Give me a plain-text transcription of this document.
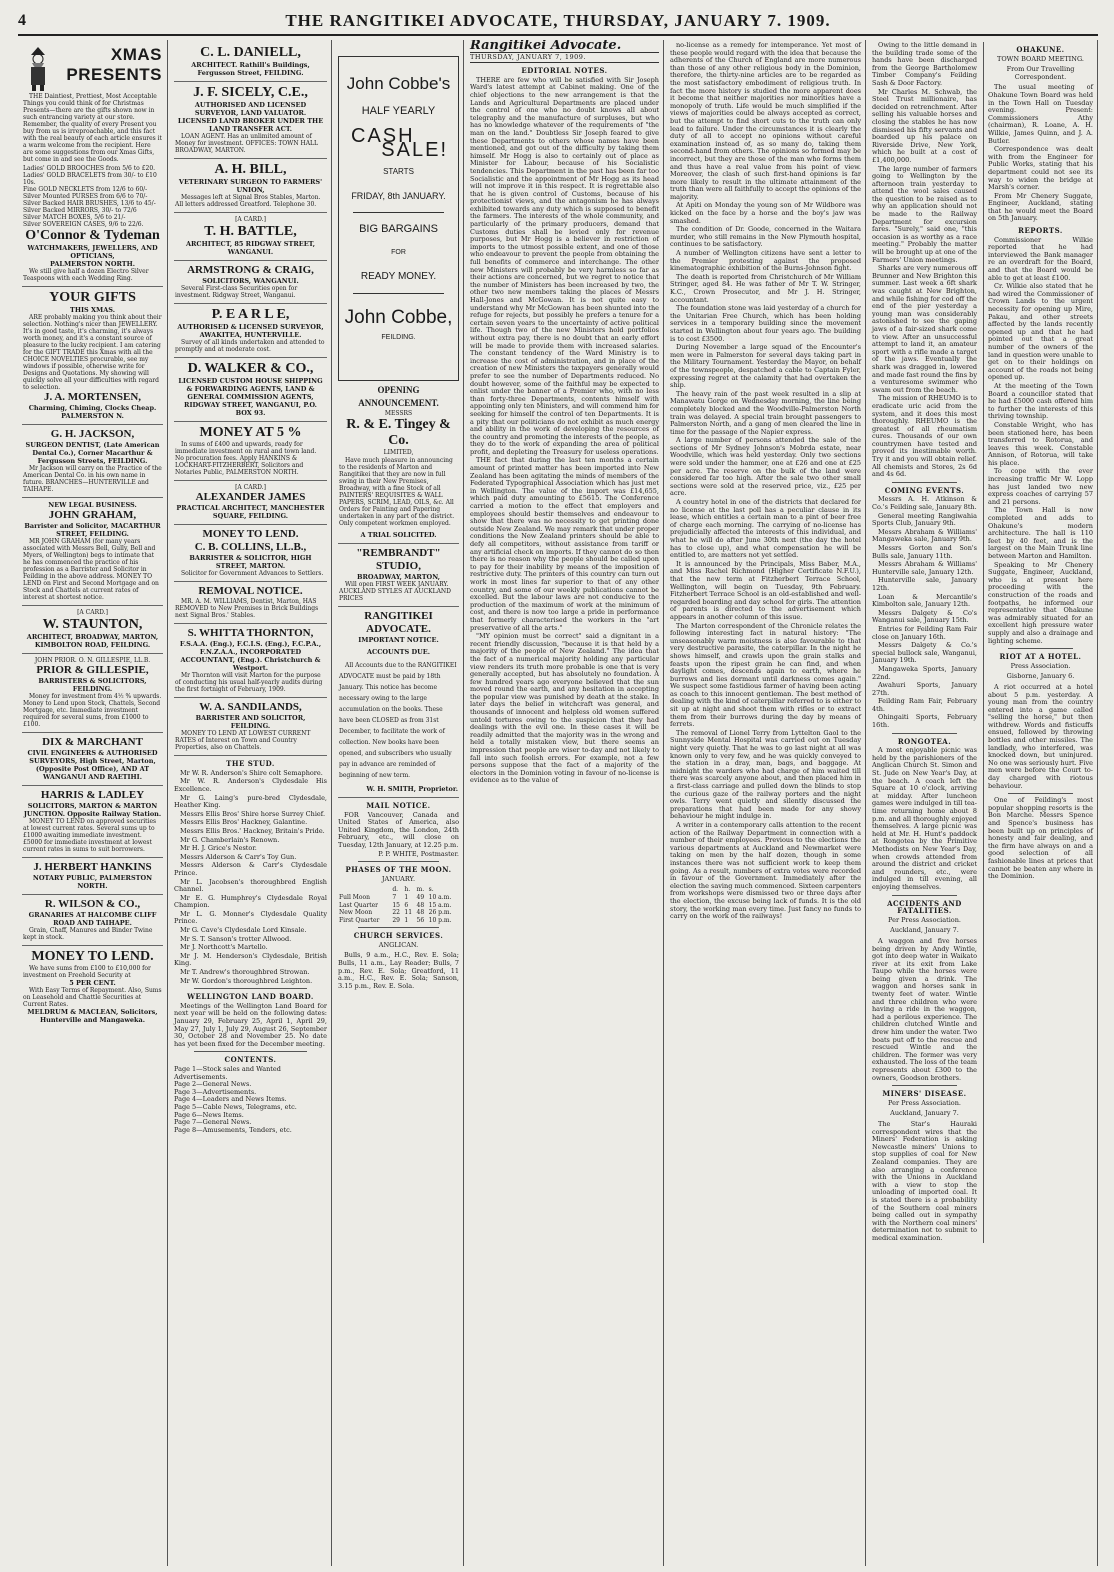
4	THE RANGITIKEI ADVOCATE, THURSDAY, JANUARY 7. 1909.
XMAS PRESENTS

THE Daintiest, Prettiest, Most Acceptable Things you could think of for Christmas Presents—there are the gifts shown now in such entrancing variety at our store. Remember, the quality of every Present you buy from us is irreproachable, and this fact with the real beauty of each article ensures it a warm welcome from the recipient. Here are some suggestions from our Xmas Gifts, but come in and see the Goods.

Ladies' GOLD BROOCHES from 5/6 to £20.
Ladies' GOLD BRACELETS from 30/- to £10 10s.
Fine GOLD NECKLETS from 12/6 to 60/-
Silver Mounted PURSES from 6/6 to 70/-
Silver Backed HAIR BRUSHES, 13/6 to 45/-
Silver Backed MIRRORS, 30/- to 72/6
Silver MATCH BOXES, 5/6 to 21/-
Silver SOVEREIGN CASES, 9/6 to 22/6.
O'Connor & Tydeman
WATCHMAKERS, JEWELLERS, AND OPTICIANS,
PALMERSTON NORTH.

We still give half a dozen Electro Silver Teaspoons with each Wedding Ring.

YOUR GIFTS
THIS XMAS.

ARE probably making you think about their selection. Nothing's nicer than JEWELLERY. It's in good taste, it's charming, it's always worth money, and it's a constant source of pleasure to the lucky recipient. I am catering for the GIFT TRADE this Xmas with all the CHOICE NOVELTIES procurable, see my windows if possible, otherwise write for Designs and Quotations. My showing will quickly solve all your difficulties with regard to selection.

J. A. MORTENSEN,
Charming, Chiming, Clocks Cheap.
PALMERSTON N.
G. H. JACKSON,
SURGEON DENTIST, (Late American Dental Co.), Corner Macarthur & Fergusson Streets, FEILDING.

Mr Jackson will carry on the Practice of the American Dental Co. in his own name in future. BRANCHES—HUNTERVILLE and TAIHAPE.

NEW LEGAL BUSINESS.
JOHN GRAHAM,
Barrister and Solicitor, MACARTHUR STREET, FEILDING.

MR JOHN GRAHAM (for many years associated with Messrs Bell, Gully, Bell and Myers, of Wellington) begs to intimate that he has commenced the practice of his profession as a Barrister and Solicitor in Feilding in the above address. MONEY TO LEND on First and Second Mortgage and on Stock and Chattels at current rates of interest at shortest notice.

[A CARD.]
W. STAUNTON,
ARCHITECT, BROADWAY, MARTON, KIMBOLTON ROAD, FEILDING.
JOHN PRIOR. O. N. GILLESPIE, LL.B.
PRIOR & GILLESPIE,
BARRISTERS & SOLICITORS, FEILDING.

Money for investment from 4½ % upwards. Money to Lend upon Stock, Chattels, Second Mortgage, etc. Immediate investment required for several sums, from £1000 to £100.

DIX & MARCHANT
CIVIL ENGINEERS & AUTHORISED SURVEYORS, High Street, Marton, (Opposite Post Office), AND AT WANGANUI AND RAETIHI.
HARRIS & LADLEY
SOLICITORS, MARTON & MARTON JUNCTION. Opposite Railway Station.

MONEY TO LEND on approved securities at lowest current rates. Several sums up to £1000 awaiting immediate investment. £5000 for immediate investment at lowest current rates in sums to suit borrowers.

J. HERBERT HANKINS
NOTARY PUBLIC, PALMERSTON NORTH.
R. WILSON & CO.,
GRANARIES AT HALCOMBE CLIFF ROAD AND TAIHAPE.

Grain, Chaff, Manures and Binder Twine kept in stock.

MONEY TO LEND.

We have sums from £100 to £10,000 for investment on Freehold Security at

5 PER CENT.

With Easy Terms of Repayment. Also, Sums on Leasehold and Chattle Securities at Current Rates.

MELDRUM & MACLEAN, Solicitors, Hunterville and Mangaweka.
C. L. DANIELL,
ARCHITECT. Rathill's Buildings, Fergusson Street, FEILDING.
J. F. SICELY, C.E.,
AUTHORISED AND LICENSED SURVEYOR, LAND VALUATOR. LICENSED LAND BROKER UNDER THE LAND TRANSFER ACT.

LOAN AGENT. Has an unlimited amount of Money for investment. OFFICES: TOWN HALL BROADWAY, MARTON.

A. H. BILL,
VETERINARY SURGEON TO FARMERS' UNION,

Messages left at Signal Bros Stables, Marton. All letters addressed Greatford. Telephone 30.

[A CARD.]
T. H. BATTLE,
ARCHITECT, 85 RIDGWAY STREET, WANGANUI.
ARMSTRONG & CRAIG,
SOLICITORS, WANGANUI.

Several First-class Securities open for investment. Ridgway Street, Wanganui.

P. E A R L E,
AUTHORISED & LICENSED SURVEYOR, AWAKITEA, HUNTERVILLE.

Survey of all kinds undertaken and attended to promptly and at moderate cost.

D. WALKER & CO.,
LICENSED CUSTOM HOUSE SHIPPING & FORWARDING AGENTS, LAND & GENERAL COMMISSION AGENTS, RIDGWAY STREET, WANGANUI, P.O. BOX 93.
MONEY AT 5 %

In sums of £400 and upwards, ready for immediate investment on rural and town land. No procuration fees. Apply HANKINS & LOCKHART-FITZHERBERT, Solicitors and Notaries Public, PALMERSTON NORTH.

[A CARD.]
ALEXANDER JAMES
PRACTICAL ARCHITECT, MANCHESTER SQUARE, FEILDING.
MONEY TO LEND.
C. B. COLLINS, LL.B.,
BARRISTER & SOLICITOR, HIGH STREET, MARTON.

Solicitor for Government Advances to Settlers.

REMOVAL NOTICE.

MR. A. M. WILLIAMS, Dentist, Marton, HAS REMOVED to New Premises in Brick Buildings next Signal Bros.' Stables.

S. WHITTA THORNTON,
F.S.A.A. (Eng.), F.C.I.S. (Eng.), F.C.P.A., F.N.Z.A.A., INCORPORATED ACCOUNTANT, (Eng.). Christchurch & Westport.

Mr Thornton will visit Marton for the purpose of conducting his usual half-yearly audits during the first fortnight of February, 1909.

W. A. SANDILANDS,
BARRISTER AND SOLICITOR, FEILDING.

MONEY TO LEND AT LOWEST CURRENT RATES of Interest on Town and Country Properties, also on Chattels.

THE STUD.

Mr W. R. Anderson's Shire colt Semaphore.

Mr W. R. Anderson's Clydesdale His Excellence.

Mr G. Laing's pure-bred Clydesdale, Heather King.

Messrs Ellis Bros' Shire horse Surrey Chief.

Messrs Ellis Bros' Hackney, Galantine.

Messrs Ellis Bros.' Hackney, Britain's Pride.

Mr G. Chamberlain's Renown.

Mr H. J. Grice's Nestor.

Messrs Alderson & Carr's Toy Gun.

Messrs Alderson & Carr's Clydesdale Prince.

Mr L. Jacobsen's thoroughbred English Channel.

Mr E. G. Humphrey's Clydesdale Royal Champion.

Mr L. G. Monner's Clydesdale Quality Prince.

Mr G. Cave's Clydesdale Lord Kinsale.

Mr S. T. Sanson's trotter Allwood.

Mr J. Northcott's Martello.

Mr J. M. Henderson's Clydesdale, British King.

Mr T. Andrew's thoroughbred Strowan.

Mr W. Gordon's thoroughbred Leighton.

WELLINGTON LAND BOARD.

Meetings of the Wellington Land Board for next year will be held on the following dates: January 29, February 25, April 1, April 29, May 27, July 1, July 29, August 26, September 30, October 28 and November 25. No date has yet been fixed for the December meeting.

CONTENTS.
Page 1—Stock sales and Wanted Advertisements.
Page 2—General News.
Page 3—Advertisements.
Page 4—Leaders and News Items.
Page 5—Cable News, Telegrams, etc.
Page 6—News Items.
Page 7—General News.
Page 8—Amusements, Tenders, etc.
John Cobbe's
HALF YEARLY
CASH
SALE!
STARTS
FRIDAY, 8th JANUARY.
BIG BARGAINS
FOR
READY MONEY.
John Cobbe,
FEILDING.
OPENING ANNOUNCEMENT.
MESSRS
R. & E. Tingey & Co.
LIMITED,

Have much pleasure in announcing to the residents of Marton and Rangitikei that they are now in full swing in their New Premises, Broadway, with a fine Stock of all PAINTERS' REQUISITES & WALL PAPERS, SCRIM, LEAD, OILS, &c. All Orders for Painting and Papering undertaken in any part of the district. Only competent workmen employed.

A TRIAL SOLICITED.
"REMBRANDT" STUDIO,
BROADWAY, MARTON,

Will open FIRST WEEK JANUARY. AUCKLAND STYLES AT AUCKLAND PRICES

RANGITIKEI ADVOCATE.
IMPORTANT NOTICE.
ACCOUNTS DUE.

All Accounts due to the RANGITIKEI ADVOCATE must be paid by 18th January. This notice has become necessary owing to the large accumulation on the books. These have been CLOSED as from 31st December, to facilitate the work of collection. New books have been opened, and subscribers who usually pay in advance are reminded of beginning of new term.

W. H. SMITH, Proprietor.
MAIL NOTICE.

FOR Vancouver, Canada and United States of America, also United Kingdom, the London, 24th February, etc., will close on Tuesday, 12th January, at 12.25 p.m.

P. P. WHITE, Postmaster.
PHASES OF THE MOON.
JANUARY.
	d.	h.	m.	s.
Full Moon	7	1	49	10 a.m.
Last Quarter	15	6	48	15 a.m.
New Moon	22	11	48	26 p.m.
First Quarter	29	1	56	10 p.m.
CHURCH SERVICES.
ANGLICAN.

Bulls, 9 a.m., H.C., Rev. E. Sola; Bulls, 11 a.m., Lay Reader; Bulls, 7 p.m., Rev. E. Sola; Greatford, 11 a.m., H.C., Rev. E. Sola; Sanson, 3.15 p.m., Rev. E. Sola.

Rangitikei Advocate.
THURSDAY, JANUARY 7, 1909.
EDITORIAL NOTES.

THERE are few who will be satisfied with Sir Joseph Ward's latest attempt at Cabinet making. One of the chief objections to the new arrangement is that the Lands and Agricultural Departments are placed under the control of one who no doubt knows all about telegraphy and the manufacture of surpluses, but who has no knowledge whatever of the requirements of "the man on the land." Doubtless Sir Joseph feared to give these Departments to others whose names have been mentioned, and got out of the difficulty by taking them himself. Mr Hogg is also to certainly out of place as Minister for Labour, because of his Socialistic tendencies. This Department in the past has been far too Socialistic and the appointment of Mr Hogg as its head will not improve it in this respect. It is regrettable also that he is given control of Customs, because of his protectionist views, and the antagonism he has always exhibited towards any duty which is supposed to benefit the farmers. The interests of the whole community, and particularly of the primary producers, demand that Customs duties shall be levied only for revenue purposes, but Mr Hogg is a believer in restriction of imports to the utmost possible extent, and one of those who endeavour to prevent the people from obtaining the full benefits of commerce and interchange. The other new Ministers will probably be very harmless so far as their actions are concerned, but we regret to notice that the number of Ministers has been increased by two, the other two new members taking the places of Messrs Hall-Jones and McGowan. It is not quite easy to understand why Mr McGowan has been shunted into the refuge for rejects, but possibly he prefers a tenure for a certain seven years to the uncertainty of active political life. Though two of the new Ministers hold portfolios without extra pay, there is no doubt that an early effort will be made to provide them with increased salaries. The constant tendency of the Ward Ministry is to increase the cost of administration, and in place of the creation of new Ministers the taxpayers generally would prefer to see the number of Departments reduced. No doubt however, some of the faithful may be expected to enlist under the banner of a Premier who, with no less than forty-three Departments, contents himself with appointing only ten Ministers, and will commend him for seeking for himself the control of ten Departments. It is a pity that our politicians do not exhibit as much energy and ability in the work of developing the resources of the country and promoting the interests of the people, as they do to the work of expanding the area of political profit, and depleting the Treasury for useless operations.

THE fact that during the last ten months a certain amount of printed matter has been imported into New Zealand has been agitating the minds of members of the Federated Typographical Association which has just met in Wellington. The value of the import was £14,655, which paid duty amounting to £5615. The Conference carried a motion to the effect that employers and employees should bestir themselves and endeavour to show that there was no necessity to get printing done outside New Zealand. We may remark that under proper conditions the New Zealand printers should be able to defy all competitors, without assistance from tariff or any artificial check on imports. If they cannot do so then there is no reason why the people should be called upon to pay for their inability by means of the imposition of restrictive duty. The printers of this country can turn out work in most lines far superior to that of any other country, and some of our weekly publications cannot be excelled. But the labour laws are not conducive to the production of the maximum of work at the minimum of cost, and there is now too large a pride in performance that formerly characterised the workers in the "art preservative of all the arts."

"MY opinion must be correct" said a dignitant in a recent friendly discussion, "because it is that held by a majority of the people of New Zealand." The idea that the fact of a numerical majority holding any particular view renders its truth more probable is one that is very generally accepted, but has absolutely no foundation. A few hundred years ago everyone believed that the sun moved round the earth, and any hesitation in accepting the popular view was punished by death at the stake. In later days the belief in witchcraft was general, and thousands of innocent and helpless old women suffered untold tortures owing to the suspicion that they had dealings with the evil one. In these cases it will be readily admitted that the majority was in the wrong and held a totally mistaken view, but there seems an impression that people are wiser to-day and not likely to fall into such foolish errors. For example, not a few persons suppose that the fact of a majority of the electors in the Dominion voting in favour of no-license is evidence as to the value of

no-license as a remedy for intemperance. Yet most of these people would regard with the idea that because the adherents of the Church of England are more numerous than those of any other religious body in the Dominion, therefore, the thirty-nine articles are to be regarded as the most satisfactory embodiment of religious truth. In fact the more history is studied the more apparent does it become that neither majorities nor minorities have a monopoly of truth. Life would be much simplified if the views of majorities could be always accepted as correct, but the attempt to find short cuts to the truth can only lead to failure. Under the circumstances it is clearly the duty of all to accept no opinions without careful examination instead of, as so many do, taking them second-hand from others. The opinions so formed may be incorrect, but they are those of the man who forms them and thus have a real value from his point of view. Moreover, the clash of such first-hand opinions is far more likely to result in the ultimate attainment of the truth than were all faithfully to accept the opinions of the majority.

At Apiti on Monday the young son of Mr Wildbore was kicked on the face by a horse and the boy's jaw was smashed.

The condition of Dr. Goode, concerned in the Waitara murder, who still remains in the New Plymouth hospital, continues to be satisfactory.

A number of Wellington citizens have sent a letter to the Premier protesting against the proposed kinematographic exhibition of the Burns-Johnson fight.

The death is reported from Christchurch of Mr William Stringer, aged 84. He was father of Mr T. W. Stringer, K.C., Crown Prosecutor, and Mr J. H. Stringer, accountant.

The foundation stone was laid yesterday of a church for the Unitarian Free Church, which has been holding services in a temporary building since the movement started in Wellington about four years ago. The building is to cost £3500.

During November a large squad of the Encounter's men were in Palmerston for several days taking part in the Military Tournament. Yesterday the Mayor, on behalf of the townspeople, despatched a cable to Captain Fyler, expressing regret at the calamity that had overtaken the ship.

The heavy rain of the past week resulted in a slip at Manawatu Gorge on Wednesday morning, the line being completely blocked and the Woodville-Palmerston North train was delayed. A special train brought passengers to Palmerston North, and a gang of men cleared the line in time for the passage of the Napier express.

A large number of persons attended the sale of the sections of Mr Sydney Johnson's Mobrda estate, near Woodville, which was held yesterday. Only two sections were sold under the hammer, one at £26 and one at £25 per acre. The reserve on the bulk of the land were considered far too high. After the sale two other small sections were sold at the reserved price, viz., £25 per acre.

A country hotel in one of the districts that declared for no license at the last poll has a peculiar clause in its lease, which entitles a certain man to a pint of beer free of charge each morning. The carrying of no-license has prejudicially affected the interests of this individual, and what he will do after June 30th next (the day the hotel has to close up), and what compensation he will be entitled to, are matters not yet settled.

It is announced by the Principals, Miss Baber, M.A., and Miss Rachel Richmond (Higher Certificate N.F.U.), that the new term at Fitzherbert Terrace School, Wellington, will begin on Tuesday, 9th February. Fitzherbert Terrace School is an old-established and well-regarded boarding and day school for girls. The attention of parents is directed to the advertisement which appears in another column of this issue.

The Marton correspondent of the Chronicle relates the following interesting fact in natural history: "The unseasonably warm moistness is also favourable to that very destructive parasite, the caterpillar. In the night he shows himself, and crawls upon the grain stalks and feasts upon the ripest grain he can find, and when daylight comes, descends again to earth, where he burrows and lies dormant until darkness comes again." We suspect some fastidious farmer of having been acting as coach to this innocent gentleman. The best method of dealing with the kind of caterpillar referred to is either to sit up at night and shoot them with rifles or to extract them from their burrows during the day by means of ferrets.

The removal of Lionel Terry from Lyttelton Gaol to the Sunnyside Mental Hospital was carried out on Tuesday night very quietly. That he was to go last night at all was known only to very few, and he was quickly conveyed to the station in a dray, man, bags, and baggage. At midnight the warders who had charge of him waited till there was scarcely anyone about, and then placed him in a first-class carriage and pulled down the blinds to stop the curious gaze of the railway porters and the night owls. Terry went quietly and silently discussed the preparations that had been made for any showy behaviour he might indulge in.

A writer in a contemporary calls attention to the recent action of the Railway Department in connection with a number of their employees. Previous to the elections the various departments at Auckland and Newmarket were taking on men by the half dozen, though in some instances there was not sufficient work to keep them going. As a result, numbers of extra votes were recorded in favour of the Government. Immediately after the election the saving much commenced. Sixteen carpenters from workshops were dismissed two or three days after the election, the excuse being lack of funds. It is the old story, the working man every time. Just fancy no funds to carry on the work of the railways!

Owing to the little demand in the building trade some of the hands have been discharged from the George Bartholomew Timber Company's Feilding Sash & Door Factory.

Mr Charles M. Schwab, the Steel Trust millionaire, has decided on retrenchment. After selling his valuable horses and closing the stables he has now dismissed his fifty servants and boarded up his palace on Riverside Drive, New York, which he built at a cost of £1,400,000.

The large number of farmers going to Wellington by the afternoon train yesterday to attend the wool sales caused the question to be raised as to why an application should not be made to the Railway Department for excursion fares. "Surely," said one, "this occasion is as worthy as a race meeting." Probably the matter will be brought up at one of the Farmers' Union meetings.

Sharks are very numerous off Brunner and New Brighton this summer. Last week a 6ft shark was caught at New Brighton, and while fishing for cod off the end of the pier yesterday a young man was considerably astonished to see the gaping jaws of a fair-sized shark come to view. After an unsuccessful attempt to land it, an amateur sport with a rifle made a target of the jaws. Eventually the shark was dragged in, lowered and made fast round the fins by a venturesome swimmer who swam out from the beach.

The mission of RHEUMO is to eradicate uric acid from the system, and it does this most thoroughly. RHEUMO is the greatest of all rheumatism cures. Thousands of our own countrymen have tested and proved its inestimable worth. Try it and you will obtain relief. All chemists and Stores, 2s 6d and 4s 6d.

COMING EVENTS.

Messrs A. H. Atkinson & Co.'s Feilding sale, January 8th.

General meeting Rangiwahia Sports Club, January 9th.

Messrs Abraham & Williams' Mangaweka sale, January 9th.

Messrs Gorton and Son's Bulls sale, January 11th.

Messrs Abraham & Williams' Hunterville sale, January 12th.

Hunterville sale, January 12th.

Loan & Mercantile's Kimbolton sale, January 12th.

Messrs Dalgety & Co's Wanganui sale, January 15th.

Entries for Feilding Ram Fair close on January 16th.

Messrs Dalgety & Co.'s special bullock sale, Wanganui, January 19th.

Mangaweka Sports, January 22nd.

Awahuri Sports, January 27th.

Feilding Ram Fair, February 4th.

Ohingaiti Sports, February 16th.

RONGOTEA.

A most enjoyable picnic was held by the parishioners of the Anglican Church St. Simon and St. Jude on New Year's Day, at the beach. A coach left the Square at 10 o'clock, arriving at midday. After luncheon games were indulged in till tea-time returning home about 8 p.m. and all thoroughly enjoyed themselves. A large picnic was held at Mr. H. Hunt's paddock at Rongotea by the Primitive Methodists on New Year's Day, when crowds attended from around the district and cricket and rounders, etc., were indulged in till evening, all enjoying themselves.

ACCIDENTS AND FATALITIES.
Per Press Association.
Auckland, January 7.

A waggon and five horses being driven by Andy Wintle, got into deep water in Waikato river at its exit from Lake Taupo while the horses were being given a drink. The waggon and horses sank in twenty feet of water. Wintle and three children who were having a ride in the waggon, had a perilous experience. The children clutched Wintle and drew him under the water. Two boats put off to the rescue and rescued Wintle and the children. The former was very exhausted. The loss of the team represents about £300 to the owners, Goodson brothers.

MINERS' DISEASE.
Per Press Association.
Auckland, January 7.

The Star's Hauraki correspondent wires that the Miners' Federation is asking Newcastle miners' Unions to stop supplies of coal for New Zealand companies. They are also arranging a conference with the Unions in Auckland with a view to stop the unloading of imported coal. It is stated there is a probability of the Southern coal miners being called out in sympathy with the Northern coal miners' determination not to submit to medical examination.

OHAKUNE.
TOWN BOARD MEETING.
From Our Travelling Correspondent.

The usual meeting of Ohakune Town Board was held in the Town Hall on Tuesday evening. Present: Commissioners Athy (chairman), R. Loane, A. H. Wilkie, James Quinn, and J. A. Butler.

Correspondence was dealt with from the Engineer for Public Works, stating that his department could not see its way to widen the bridge at Marsh's corner.

From Mr Chenery Suggate, Engineer, Auckland, stating that he would meet the Board on 5th January.

REPORTS.

Commissioner Wilkie reported that he had interviewed the Bank manager re an overdraft for the Board, and that the Board would be able to get at least £100.

Cr. Wilkie also stated that he had wired the Commissioner of Crown Lands to the urgent necessity for opening up Mire, Pakau, and other streets affected by the lands recently opened up and that he had pointed out that a great number of the owners of the land in question were unable to get on to their holdings on account of the roads not being opened up.

At the meeting of the Town Board a councillor stated that he had £5000 cash offered him to further the interests of this thriving township.

Constable Wright, who has been stationed here, has been transferred to Rotorua, and leaves this week. Constable Annison, of Rotorua, will take his place.

To cope with the ever increasing traffic Mr W. Lopp has just landed two new express coaches of carrying 57 and 21 persons.

The Town Hall is now completed and adds to Ohakune's modern architecture. The hall is 110 feet by 40 feet, and is the largest on the Main Trunk line between Marton and Hamilton.

Speaking to Mr Chenery Suggate, Engineer, Auckland, who is at present here proceeding with the construction of the roads and footpaths, he informed our representative that Ohakune was admirably situated for an excellent high pressure water supply and also a drainage and lighting scheme.

RIOT AT A HOTEL.
Press Association.
Gisborne, January 6.

A riot occurred at a hotel about 5 p.m. yesterday. A young man from the country entered into a game called "selling the horse," but then withdrew. Words and fisticuffs ensued, followed by throwing bottles and other missiles. The landlady, who interfered, was knocked down, but uninjured. No one was seriously hurt. Five men were before the Court to-day charged with riotous behaviour.

One of Feilding's most popular shopping resorts is the Bon Marche. Messrs Spence and Spence's business has been built up on principles of honesty and fair dealing, and the firm have always on and a good selection of all fashionable lines at prices that cannot be beaten any where in the Dominion.
